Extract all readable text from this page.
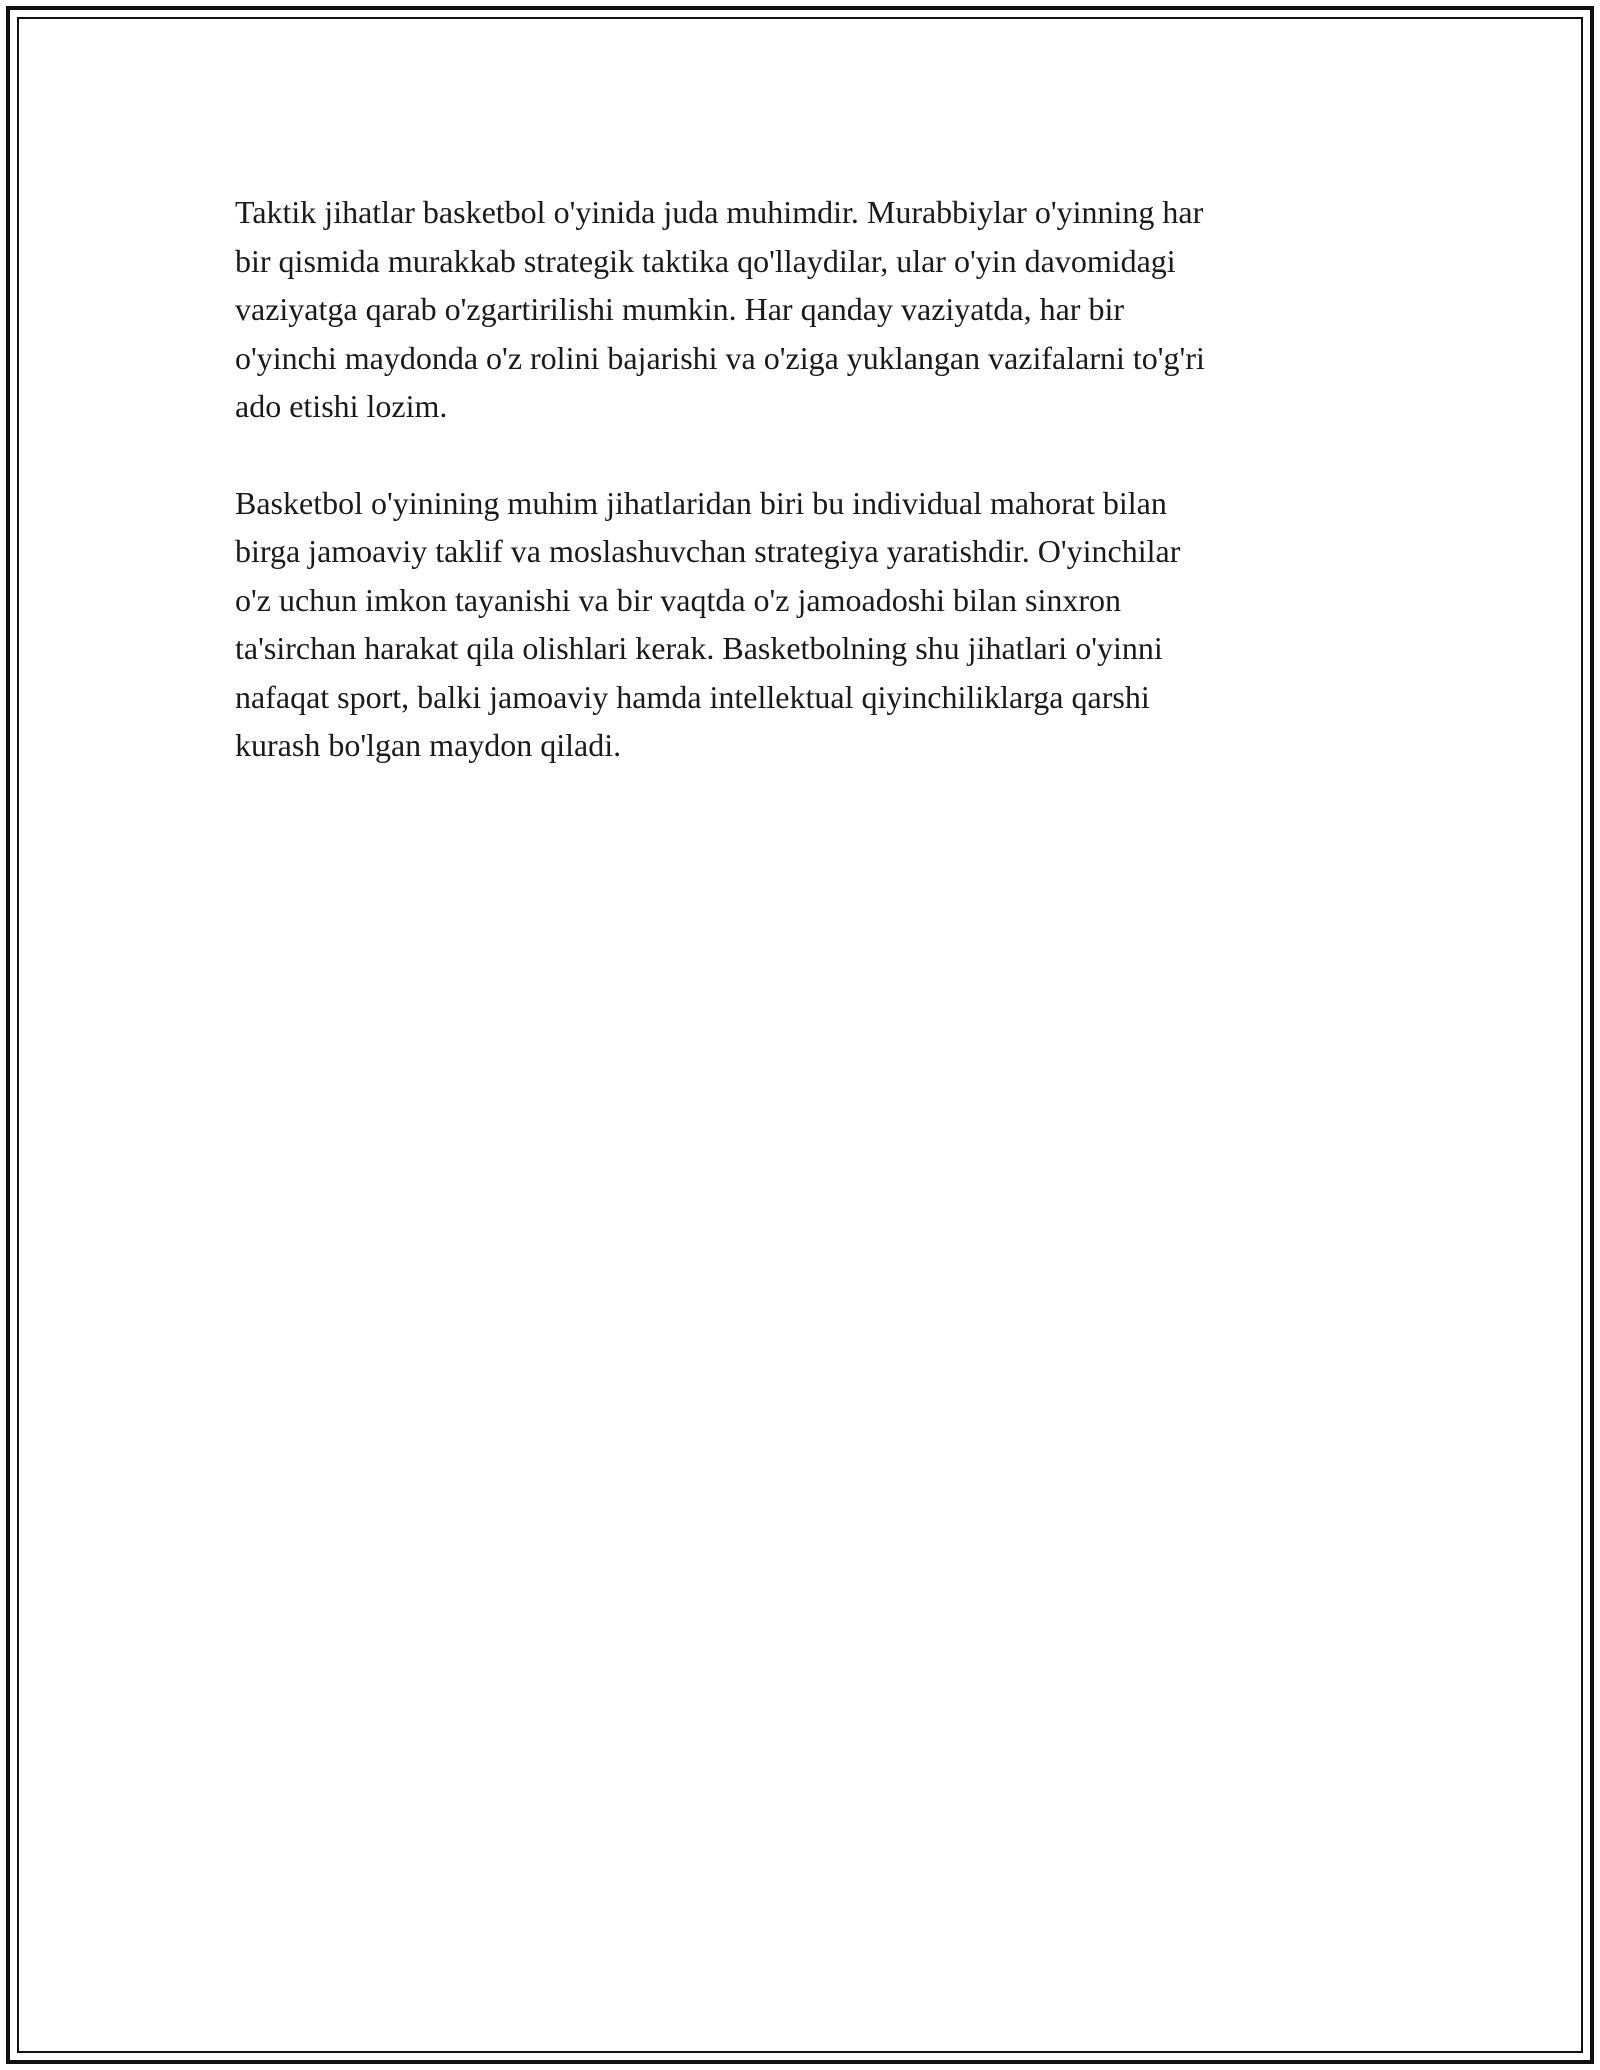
Taktik jihatlar basketbol o'yinida juda muhimdir. Murabbiylar o'yinning har
bir qismida murakkab strategik taktika qo'llaydilar, ular o'yin davomidagi
vaziyatga qarab o'zgartirilishi mumkin. Har qanday vaziyatda, har bir
o'yinchi maydonda o'z rolini bajarishi va o'ziga yuklangan vazifalarni to'g'ri
ado etishi lozim.

Basketbol o'yinining muhim jihatlaridan biri bu individual mahorat bilan
birga jamoaviy taklif va moslashuvchan strategiya yaratishdir. O'yinchilar
o'z uchun imkon tayanishi va bir vaqtda o'z jamoadoshi bilan sinxron
ta'sirchan harakat qila olishlari kerak. Basketbolning shu jihatlari o'yinni
nafaqat sport, balki jamoaviy hamda intellektual qiyinchiliklarga qarshi
kurash bo'lgan maydon qiladi.
